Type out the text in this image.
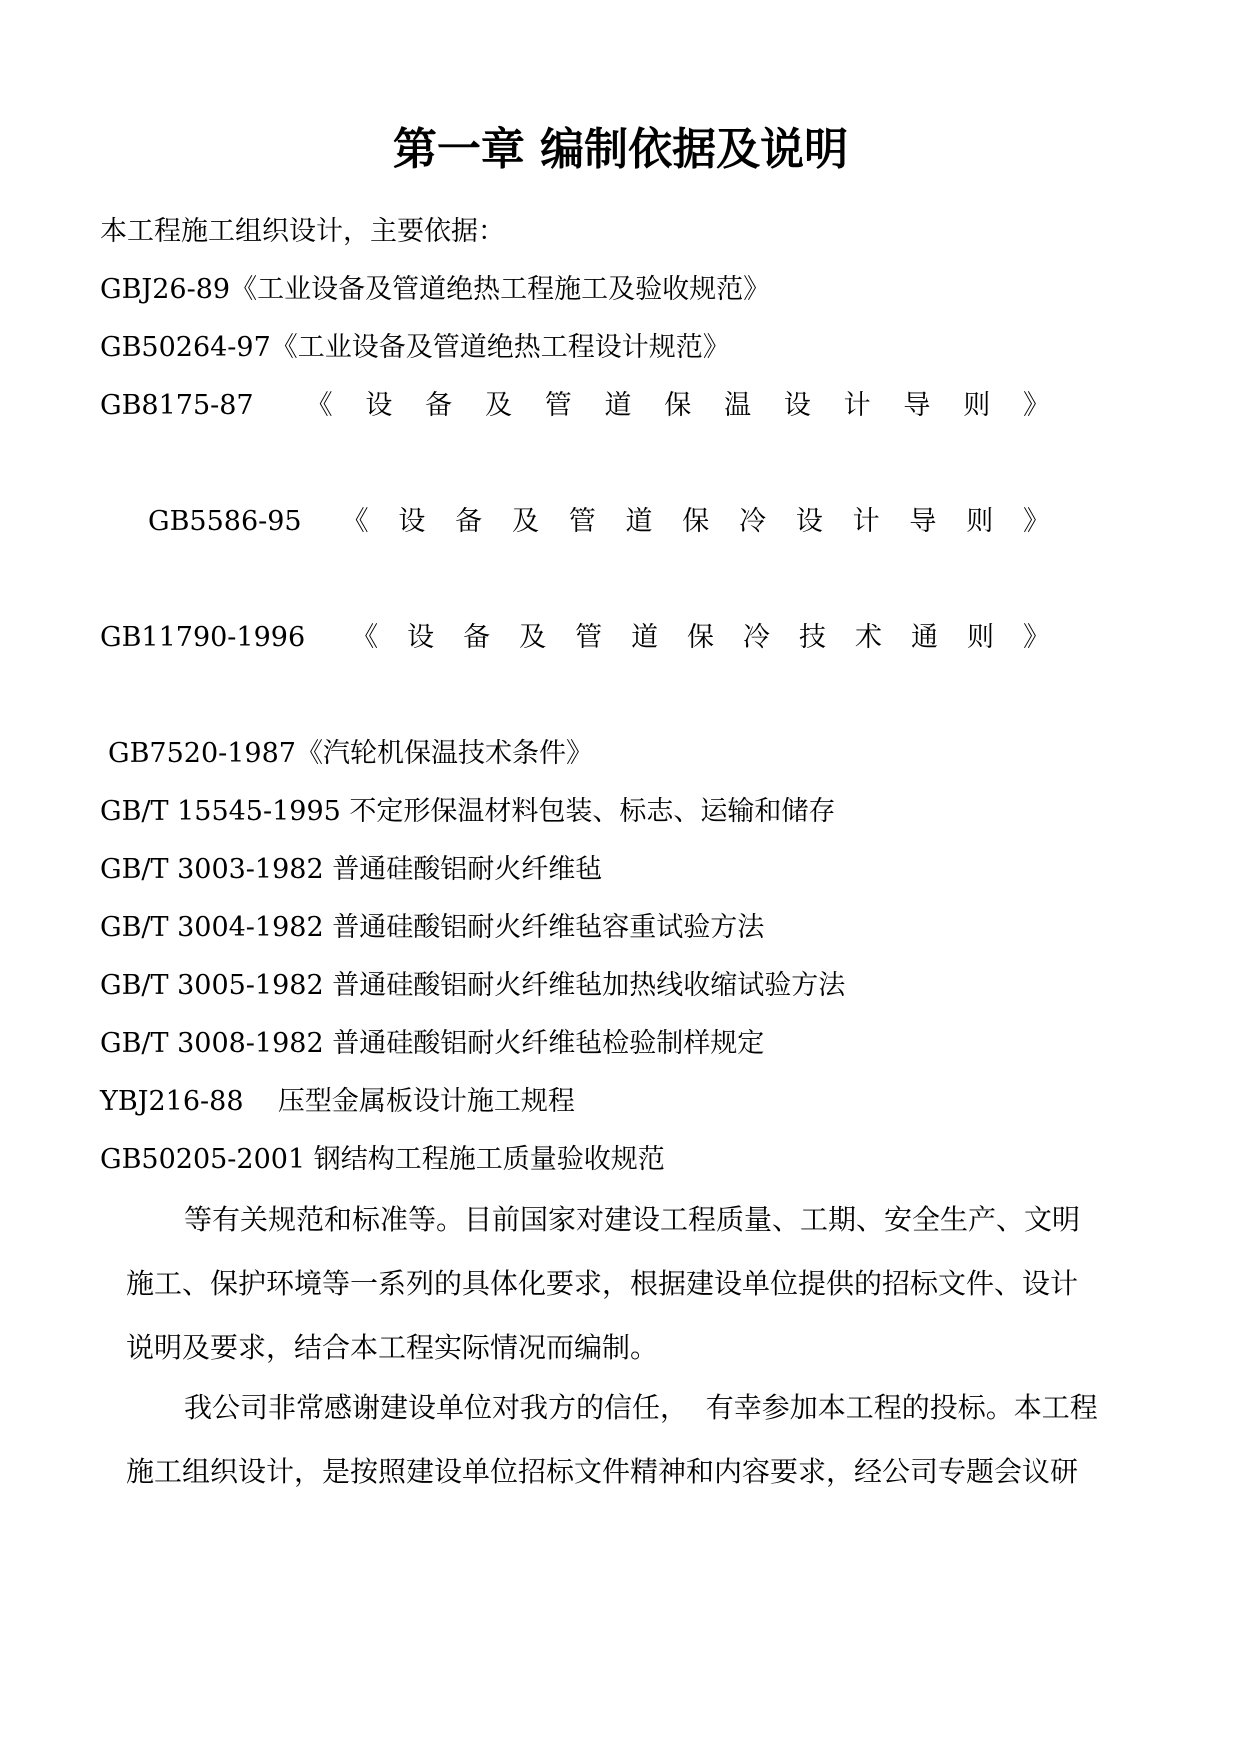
第一章 编制依据及说明
本工程施工组织设计，主要依据：
GBJ26-89《工业设备及管道绝热工程施工及验收规范》
GB50264-97《工业设备及管道绝热工程设计规范》
GB8175-87 《 设 备 及 管 道 保 温 设 计 导 则 》
GB5586-95 《 设 备 及 管 道 保 冷 设 计 导 则 》
GB11790-1996 《 设 备 及 管 道 保 冷 技 术 通 则 》
GB7520-1987《汽轮机保温技术条件》
GB/T 15545-1995 不定形保温材料包装、标志、运输和储存
GB/T 3003-1982 普通硅酸铝耐火纤维毡
GB/T 3004-1982 普通硅酸铝耐火纤维毡容重试验方法
GB/T 3005-1982 普通硅酸铝耐火纤维毡加热线收缩试验方法
GB/T 3008-1982 普通硅酸铝耐火纤维毡检验制样规定
YBJ216-88    压型金属板设计施工规程
GB50205-2001 钢结构工程施工质量验收规范
等有关规范和标准等。目前国家对建设工程质量、工期、安全生产、文明
施工、保护环境等一系列的具体化要求，根据建设单位提供的招标文件、设计
说明及要求，结合本工程实际情况而编制。
我公司非常感谢建设单位对我方的信任，  有幸参加本工程的投标。本工程
施工组织设计，是按照建设单位招标文件精神和内容要求，经公司专题会议研
